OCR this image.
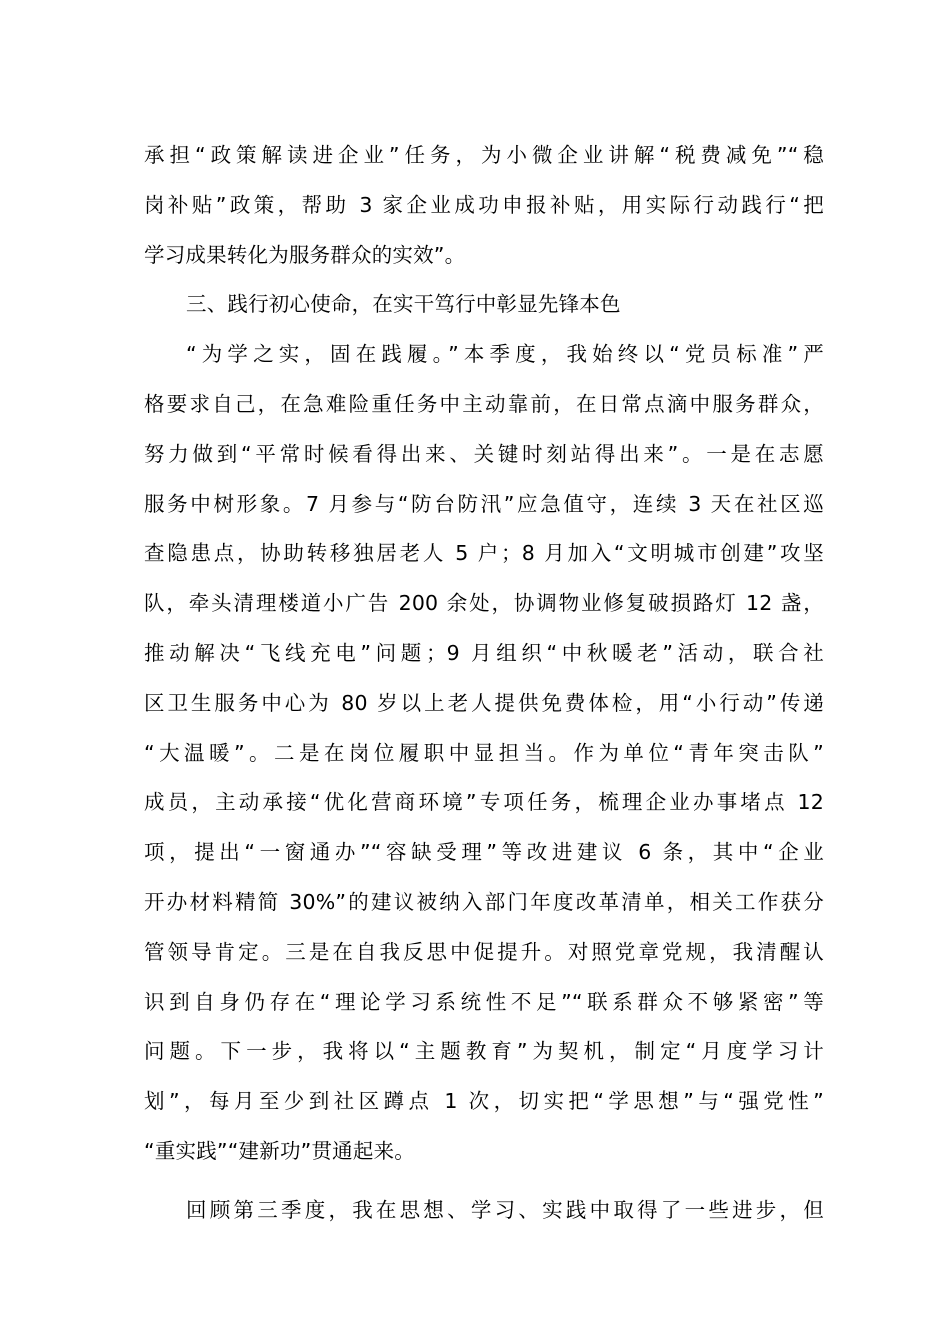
承担“政策解读进企业”任务，为小微企业讲解“税费减免”“稳
岗补贴”政策，帮助 3 家企业成功申报补贴，用实际行动践行“把
学习成果转化为服务群众的实效”。
三、践行初心使命，在实干笃行中彰显先锋本色
“为学之实，固在践履。”本季度，我始终以“党员标准”严
格要求自己，在急难险重任务中主动靠前，在日常点滴中服务群众，
努力做到“平常时候看得出来、关键时刻站得出来”。一是在志愿
服务中树形象。7 月参与“防台防汛”应急值守，连续 3 天在社区巡
查隐患点，协助转移独居老人 5 户；8 月加入“文明城市创建”攻坚
队，牵头清理楼道小广告 200 余处，协调物业修复破损路灯 12 盏，
推动解决“飞线充电”问题；9 月组织“中秋暖老”活动，联合社
区卫生服务中心为 80 岁以上老人提供免费体检，用“小行动”传递
“大温暖”。二是在岗位履职中显担当。作为单位“青年突击队”
成员，主动承接“优化营商环境”专项任务，梳理企业办事堵点 12
项，提出“一窗通办”“容缺受理”等改进建议 6 条，其中“企业
开办材料精简 30%”的建议被纳入部门年度改革清单，相关工作获分
管领导肯定。三是在自我反思中促提升。对照党章党规，我清醒认
识到自身仍存在“理论学习系统性不足”“联系群众不够紧密”等
问题。下一步，我将以“主题教育”为契机，制定“月度学习计
划”，每月至少到社区蹲点 1 次，切实把“学思想”与“强党性”
“重实践”“建新功”贯通起来。
回顾第三季度，我在思想、学习、实践中取得了一些进步，但
